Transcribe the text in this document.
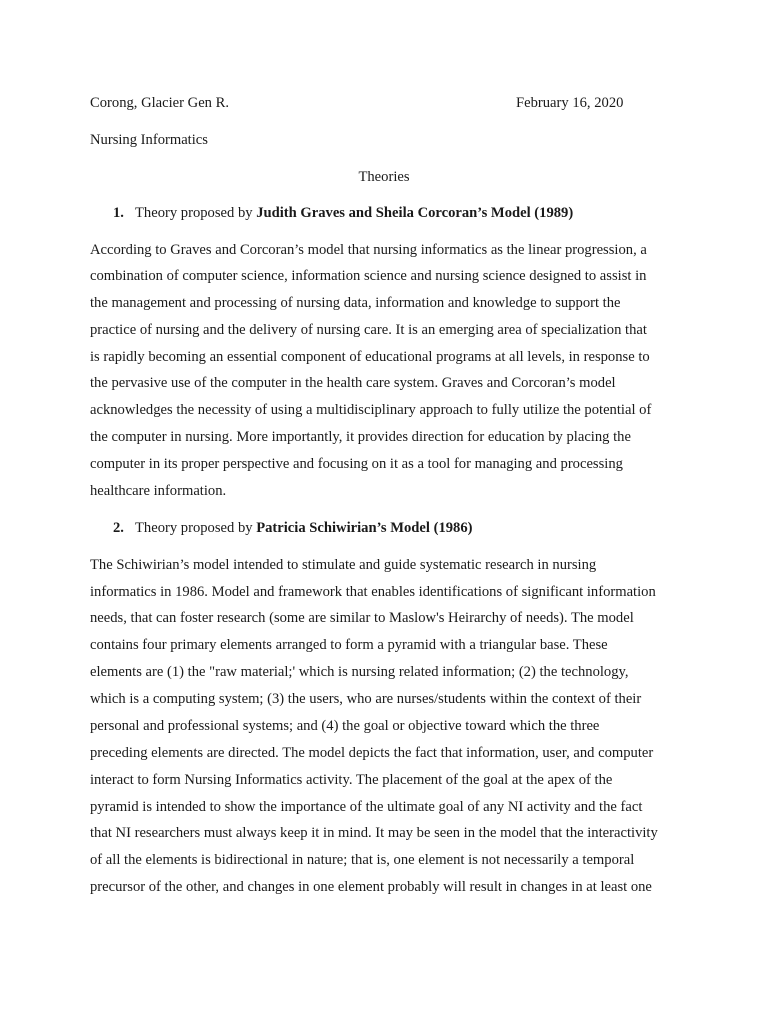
Corong, Glacier Gen R.	February 16, 2020
Nursing Informatics
Theories
1. Theory proposed by Judith Graves and Sheila Corcoran’s Model (1989)
According to Graves and Corcoran’s model that nursing informatics as the linear progression, a
combination of computer science, information science and nursing science designed to assist in
the management and processing of nursing data, information and knowledge to support the
practice of nursing and the delivery of nursing care. It is an emerging area of specialization that
is rapidly becoming an essential component of educational programs at all levels, in response to
the pervasive use of the computer in the health care system. Graves and Corcoran’s model
acknowledges the necessity of using a multidisciplinary approach to fully utilize the potential of
the computer in nursing. More importantly, it provides direction for education by placing the
computer in its proper perspective and focusing on it as a tool for managing and processing
healthcare information.
2. Theory proposed by Patricia Schiwirian’s Model (1986)
The Schiwirian’s model intended to stimulate and guide systematic research in nursing
informatics in 1986. Model and framework that enables identifications of significant information
needs, that can foster research (some are similar to Maslow's Heirarchy of needs). The model
contains four primary elements arranged to form a pyramid with a triangular base. These
elements are (1) the "raw material;' which is nursing related information; (2) the technology,
which is a computing system; (3) the users, who are nurses/students within the context of their
personal and professional systems; and (4) the goal or objective toward which the three
preceding elements are directed. The model depicts the fact that information, user, and computer
interact to form Nursing Informatics activity. The placement of the goal at the apex of the
pyramid is intended to show the importance of the ultimate goal of any NI activity and the fact
that NI researchers must always keep it in mind. It may be seen in the model that the interactivity
of all the elements is bidirectional in nature; that is, one element is not necessarily a temporal
precursor of the other, and changes in one element probably will result in changes in at least one
